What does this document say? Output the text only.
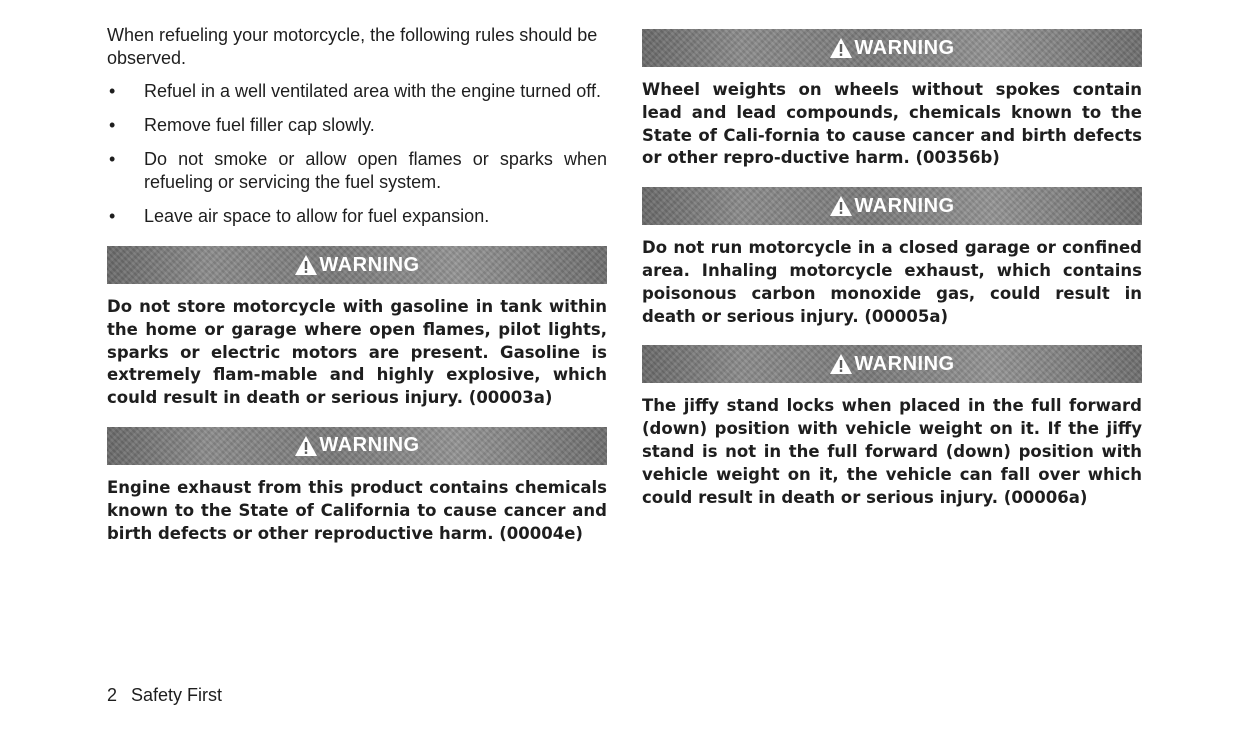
When refueling your motorcycle, the following rules should be observed.

• Refuel in a well ventilated area with the engine turned off.
• Remove fuel filler cap slowly.
• Do not smoke or allow open flames or sparks when refueling or servicing the fuel system.
• Leave air space to allow for fuel expansion.
WARNING

Do not store motorcycle with gasoline in tank within the home or garage where open flames, pilot lights, sparks or electric motors are present. Gasoline is extremely flam-mable and highly explosive, which could result in death or serious injury. (00003a)

WARNING

Engine exhaust from this product contains chemicals known to the State of California to cause cancer and birth defects or other reproductive harm. (00004e)

WARNING

Wheel weights on wheels without spokes contain lead and lead compounds, chemicals known to the State of Cali-fornia to cause cancer and birth defects or other repro-ductive harm. (00356b)

WARNING

Do not run motorcycle in a closed garage or confined area. Inhaling motorcycle exhaust, which contains poisonous carbon monoxide gas, could result in death or serious injury. (00005a)

WARNING

The jiffy stand locks when placed in the full forward (down) position with vehicle weight on it. If the jiffy stand is not in the full forward (down) position with vehicle weight on it, the vehicle can fall over which could result in death or serious injury. (00006a)

2 Safety First
